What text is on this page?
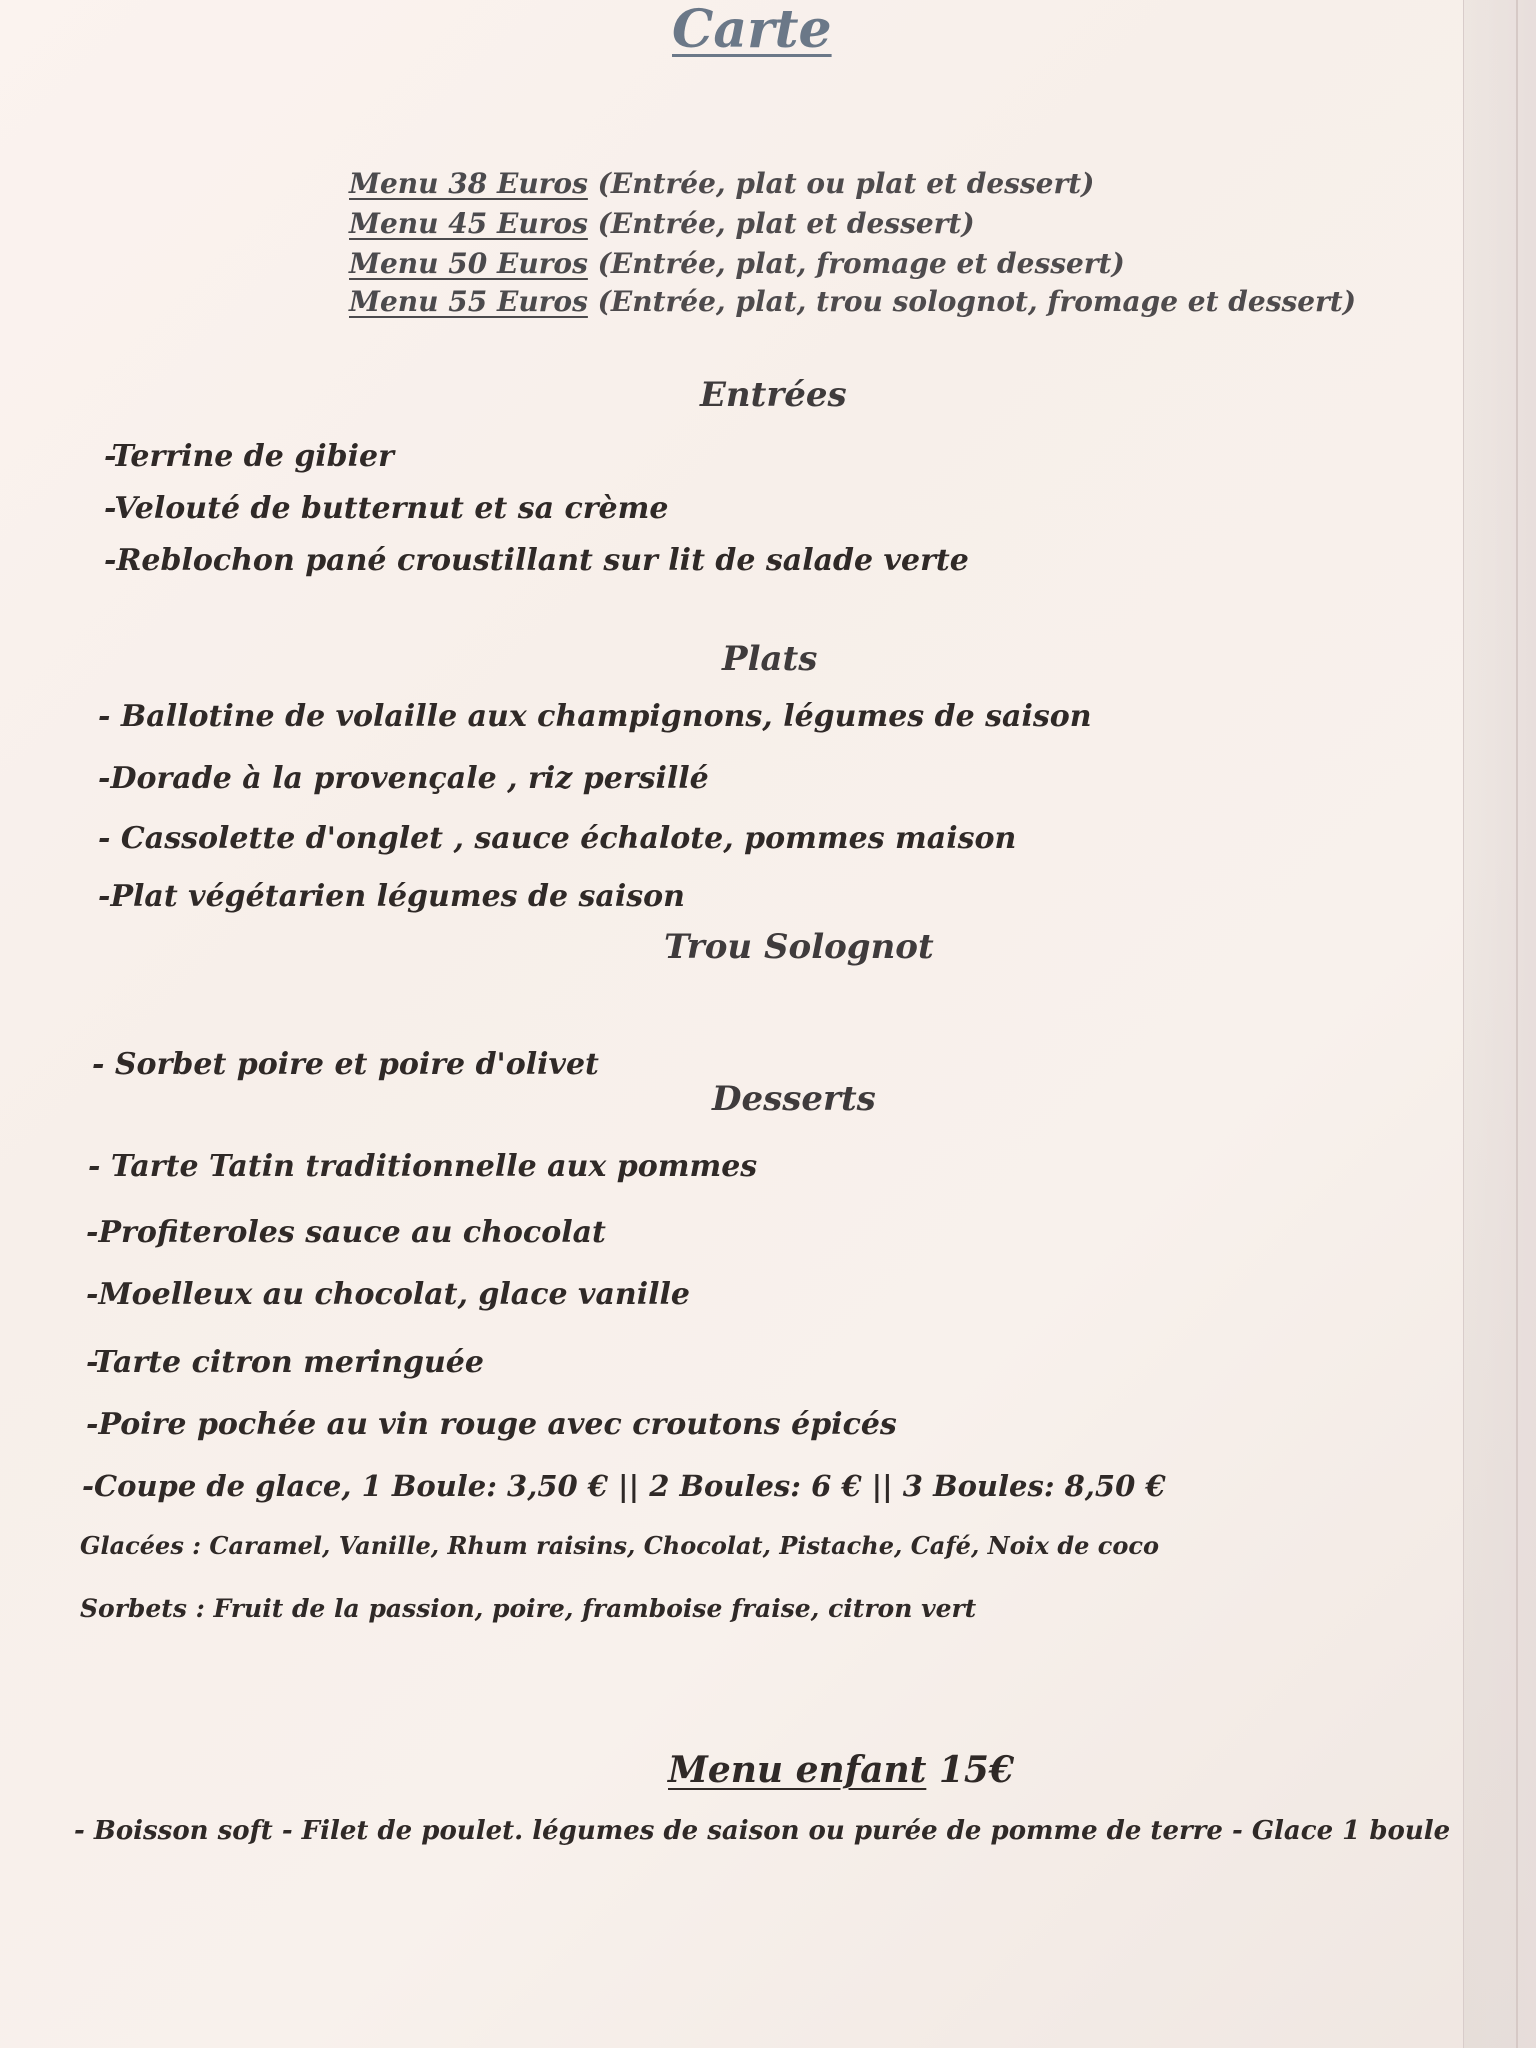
Carte
Menu 38 Euros (Entrée, plat ou plat et dessert)
Menu 45 Euros (Entrée, plat et dessert)
Menu 50 Euros (Entrée, plat, fromage et dessert)
Menu 55 Euros (Entrée, plat, trou solognot, fromage et dessert)
Entrées
-Terrine de gibier
-Velouté de butternut et sa crème
-Reblochon pané croustillant sur lit de salade verte
Plats
- Ballotine de volaille aux champignons, légumes de saison
-Dorade à la provençale , riz persillé
- Cassolette d'onglet , sauce échalote, pommes maison
-Plat végétarien légumes de saison
Trou Solognot
- Sorbet poire et poire d'olivet
Desserts
- Tarte Tatin traditionnelle aux pommes
-Profiteroles sauce au chocolat
-Moelleux au chocolat, glace vanille
-Tarte citron meringuée
-Poire pochée au vin rouge avec croutons épicés
-Coupe de glace, 1 Boule: 3,50 € || 2 Boules: 6 € || 3 Boules: 8,50 €
Glacées : Caramel, Vanille, Rhum raisins, Chocolat, Pistache, Café, Noix de coco
Sorbets : Fruit de la passion, poire, framboise fraise, citron vert
Menu enfant 15€
- Boisson soft - Filet de poulet. légumes de saison ou purée de pomme de terre - Glace 1 boule
